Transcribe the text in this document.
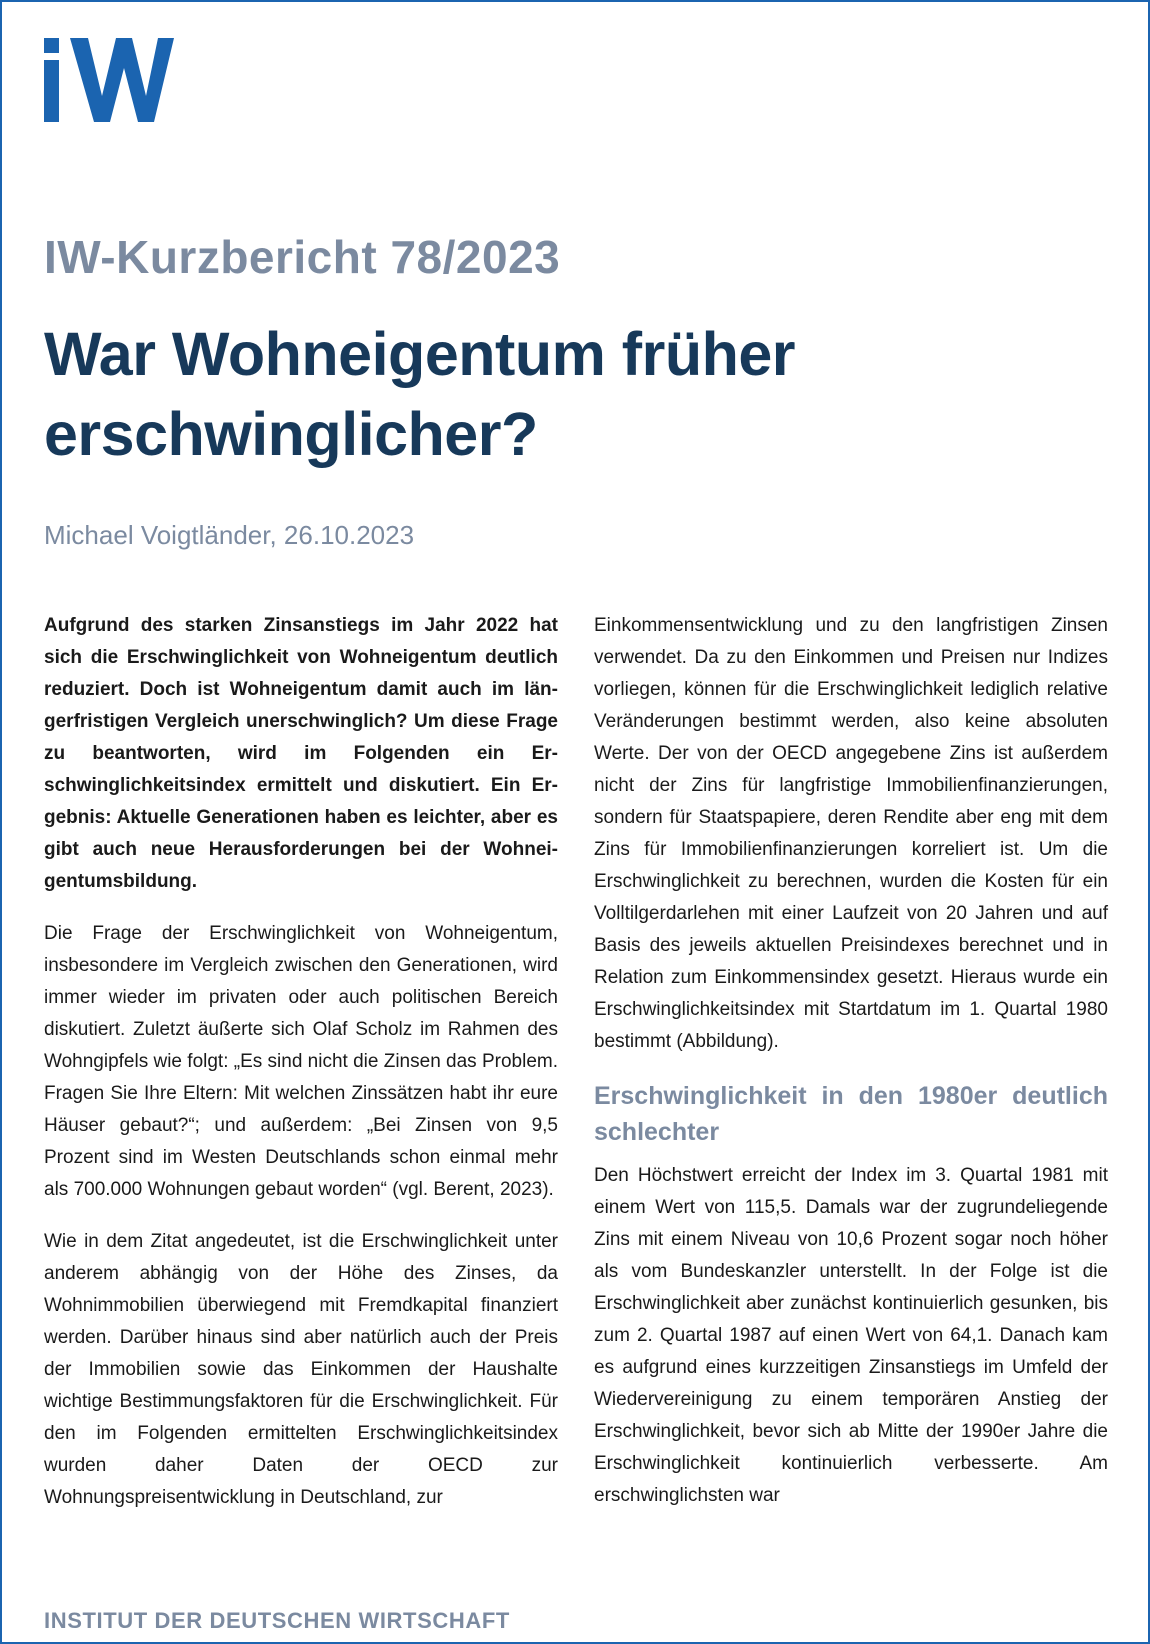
IW-Kurzbericht 78/2023
War Wohneigentum früher erschwinglicher?
Michael Voigtländer, 26.10.2023

Aufgrund des starken Zinsanstiegs im Jahr 2022 hat sich die Erschwinglichkeit von Wohneigentum deutlich reduziert. Doch ist Wohneigentum damit auch im längerfristigen Vergleich unerschwinglich? Um diese Frage zu beantworten, wird im Folgenden ein Erschwinglichkeitsindex ermittelt und diskutiert. Ein Ergebnis: Aktuelle Generationen haben es leichter, aber es gibt auch neue Herausforderungen bei der Wohneigentumsbildung.

Die Frage der Erschwinglichkeit von Wohneigentum, insbesondere im Vergleich zwischen den Generationen, wird immer wieder im privaten oder auch politischen Bereich diskutiert. Zuletzt äußerte sich Olaf Scholz im Rahmen des Wohngipfels wie folgt: „Es sind nicht die Zinsen das Problem. Fragen Sie Ihre Eltern: Mit welchen Zinssätzen habt ihr eure Häuser gebaut?“; und außerdem: „Bei Zinsen von 9,5 Prozent sind im Westen Deutschlands schon einmal mehr als 700.000 Wohnungen gebaut worden“ (vgl. Berent, 2023).

Wie in dem Zitat angedeutet, ist die Erschwinglichkeit unter anderem abhängig von der Höhe des Zinses, da Wohnimmobilien überwiegend mit Fremdkapital finanziert werden. Darüber hinaus sind aber natürlich auch der Preis der Immobilien sowie das Einkommen der Haushalte wichtige Bestimmungsfaktoren für die Erschwinglichkeit. Für den im Folgenden ermittelten Erschwinglichkeitsindex wurden daher Daten der OECD zur Wohnungspreisentwicklung in Deutschland, zur

Einkommensentwicklung und zu den langfristigen Zinsen verwendet. Da zu den Einkommen und Preisen nur Indizes vorliegen, können für die Erschwinglichkeit lediglich relative Veränderungen bestimmt werden, also keine absoluten Werte. Der von der OECD angegebene Zins ist außerdem nicht der Zins für langfristige Immobilienfinanzierungen, sondern für Staatspapiere, deren Rendite aber eng mit dem Zins für Immobilienfinanzierungen korreliert ist. Um die Erschwinglichkeit zu berechnen, wurden die Kosten für ein Volltilgerdarlehen mit einer Laufzeit von 20 Jahren und auf Basis des jeweils aktuellen Preisindexes berechnet und in Relation zum Einkommensindex gesetzt. Hieraus wurde ein Erschwinglichkeitsindex mit Startdatum im 1. Quartal 1980 bestimmt (Abbildung).

Erschwinglichkeit in den 1980er deutlich schlechter

Den Höchstwert erreicht der Index im 3. Quartal 1981 mit einem Wert von 115,5. Damals war der zugrundeliegende Zins mit einem Niveau von 10,6 Prozent sogar noch höher als vom Bundeskanzler unterstellt. In der Folge ist die Erschwinglichkeit aber zunächst kontinuierlich gesunken, bis zum 2. Quartal 1987 auf einen Wert von 64,1. Danach kam es aufgrund eines kurzzeitigen Zinsanstiegs im Umfeld der Wiedervereinigung zu einem temporären Anstieg der Erschwinglichkeit, bevor sich ab Mitte der 1990er Jahre die Erschwinglichkeit kontinuierlich verbesserte. Am erschwinglichsten war

INSTITUT DER DEUTSCHEN WIRTSCHAFT
